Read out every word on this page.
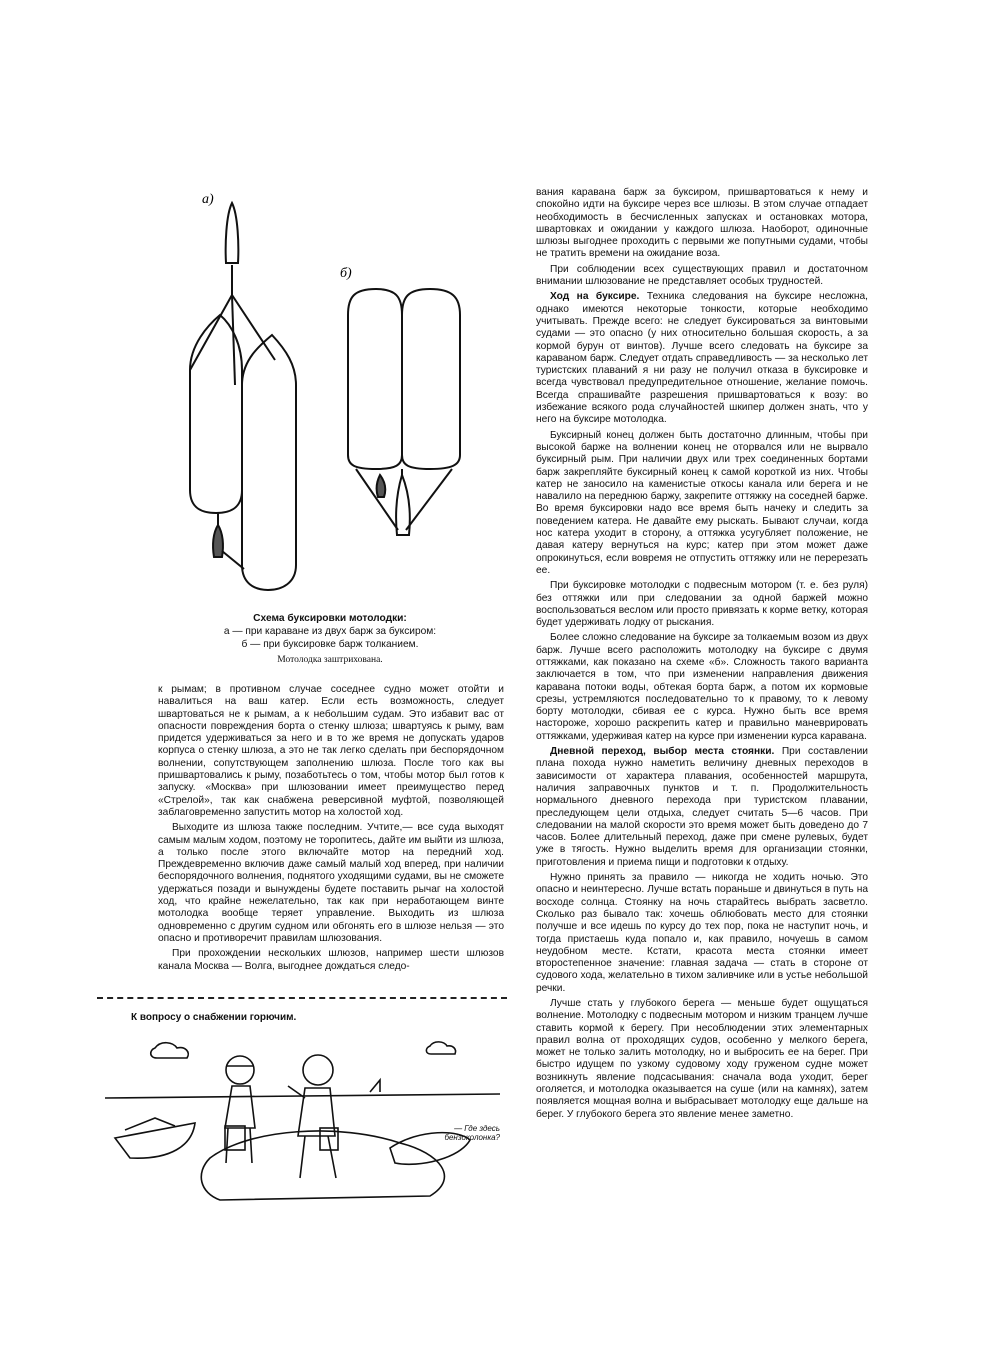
а)
б)
Схема буксировки мотолодки:
а — при караване из двух барж за буксиром:
б — при буксировке барж толканием.
Мотолодка заштрихована.

к рымам; в противном случае соседнее судно может отойти и навалиться на ваш катер. Если есть возможность, следует швартоваться не к рымам, а к небольшим судам. Это избавит вас от опасности повреждения борта о стенку шлюза; швартуясь к рыму, вам придется удерживаться за него и в то же время не допускать ударов корпуса о стенку шлюза, а это не так легко сделать при беспорядочном волнении, сопутствующем заполнению шлюза. После того как вы пришвартовались к рыму, позаботьтесь о том, чтобы мотор был готов к запуску. «Москва» при шлюзовании имеет преимущество перед «Стрелой», так как снабжена реверсивной муфтой, позволяющей заблаговременно запустить мотор на холостой ход.

Выходите из шлюза также последним. Учтите,— все суда выходят самым малым ходом, поэтому не торопитесь, дайте им выйти из шлюза, а только после этого включайте мотор на передний ход. Преждевременно включив даже самый малый ход вперед, при наличии беспорядочного волнения, поднятого уходящими судами, вы не сможете удержаться позади и вынуждены будете поставить рычаг на холостой ход, что крайне нежелательно, так как при неработающем винте мотолодка вообще теряет управление. Выходить из шлюза одновременно с другим судном или обгонять его в шлюзе нельзя — это опасно и противоречит правилам шлюзования.

При прохождении нескольких шлюзов, например шести шлюзов канала Москва — Волга, выгоднее дождаться следо-

вания каравана барж за буксиром, пришвартоваться к нему и спокойно идти на буксире через все шлюзы. В этом случае отпадает необходимость в бесчисленных запусках и остановках мотора, швартовках и ожидании у каждого шлюза. Наоборот, одиночные шлюзы выгоднее проходить с первыми же попутными судами, чтобы не тратить времени на ожидание воза.

При соблюдении всех существующих правил и достаточном внимании шлюзование не представляет особых трудностей.

Ход на буксире. Техника следования на буксире несложна, однако имеются некоторые тонкости, которые необходимо учитывать. Прежде всего: не следует буксироваться за винтовыми судами — это опасно (у них относительно большая скорость, а за кормой бурун от винтов). Лучше всего следовать на буксире за караваном барж. Следует отдать справедливость — за несколько лет туристских плаваний я ни разу не получил отказа в буксировке и всегда чувствовал предупредительное отношение, желание помочь. Всегда спрашивайте разрешения пришвартоваться к возу: во избежание всякого рода случайностей шкипер должен знать, что у него на буксире мотолодка.

Буксирный конец должен быть достаточно длинным, чтобы при высокой барже на волнении конец не оторвался или не вырвало буксирный рым. При наличии двух или трех соединенных бортами барж закрепляйте буксирный конец к самой короткой из них. Чтобы катер не заносило на каменистые откосы канала или берега и не навалило на переднюю баржу, закрепите оттяжку на соседней барже. Во время буксировки надо все время быть начеку и следить за поведением катера. Не давайте ему рыскать. Бывают случаи, когда нос катера уходит в сторону, а оттяжка усугубляет положение, не давая катеру вернуться на курс; катер при этом может даже опрокинуться, если вовремя не отпустить оттяжку или не перерезать ее.

При буксировке мотолодки с подвесным мотором (т. е. без руля) без оттяжки или при следовании за одной баржей можно воспользоваться веслом или просто привязать к корме ветку, которая будет удерживать лодку от рыскания.

Более сложно следование на буксире за толкаемым возом из двух барж. Лучше всего расположить мотолодку на буксире с двумя оттяжками, как показано на схеме «б». Сложность такого варианта заключается в том, что при изменении направления движения каравана потоки воды, обтекая борта барж, а потом их кормовые срезы, устремляются последовательно то к правому, то к левому борту мотолодки, сбивая ее с курса. Нужно быть все время настороже, хорошо раскрепить катер и правильно маневрировать оттяжками, удерживая катер на курсе при изменении курса каравана.

Дневной переход, выбор места стоянки. При составлении плана похода нужно наметить величину дневных переходов в зависимости от характера плавания, особенностей маршрута, наличия заправочных пунктов и т. п. Продолжительность нормального дневного перехода при туристском плавании, преследующем цели отдыха, следует считать 5—6 часов. При следовании на малой скорости это время может быть доведено до 7 часов. Более длительный переход, даже при смене рулевых, будет уже в тягость. Нужно выделить время для организации стоянки, приготовления и приема пищи и подготовки к отдыху.

Нужно принять за правило — никогда не ходить ночью. Это опасно и неинтересно. Лучше встать пораньше и двинуться в путь на восходе солнца. Стоянку на ночь старайтесь выбрать засветло. Сколько раз бывало так: хочешь облюбовать место для стоянки получше и все идешь по курсу до тех пор, пока не наступит ночь, и тогда пристаешь куда попало и, как правило, ночуешь в самом неудобном месте. Кстати, красота места стоянки имеет второстепенное значение: главная задача — стать в стороне от судового хода, желательно в тихом заливчике или в устье небольшой речки.

Лучше стать у глубокого берега — меньше будет ощущаться волнение. Мотолодку с подвесным мотором и низким транцем лучше ставить кормой к берегу. При несоблюдении этих элементарных правил волна от проходящих судов, особенно у мелкого берега, может не только залить мотолодку, но и выбросить ее на берег. При быстро идущем по узкому судовому ходу груженом судне может возникнуть явление подсасывания: сначала вода уходит, берег оголяется, и мотолодка оказывается на суше (или на камнях), затем появляется мощная волна и выбрасывает мотолодку еще дальше на берег. У глубокого берега это явление менее заметно.

К вопросу о снабжении горючим.
— Где здесь бензоколонка?
